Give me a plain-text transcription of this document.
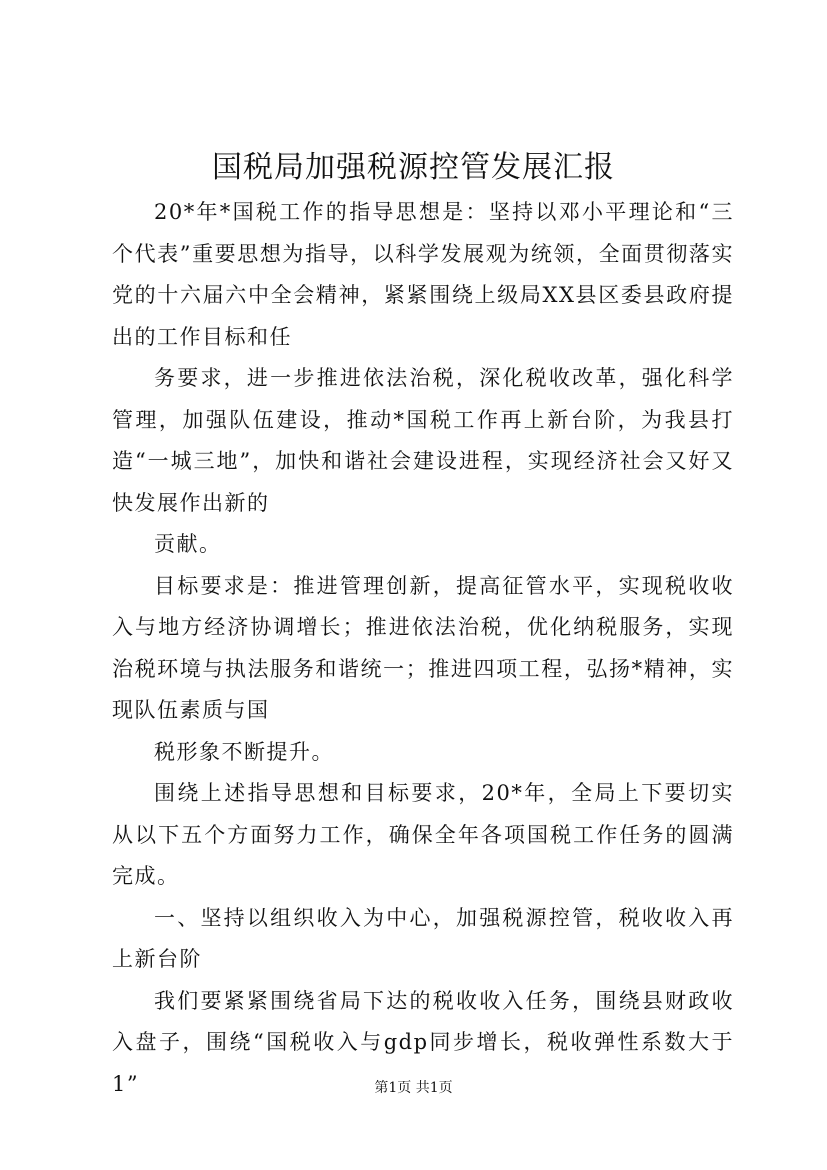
国税局加强税源控管发展汇报

20*年*国税工作的指导思想是：坚持以邓小平理论和“三个代表”重要思想为指导，以科学发展观为统领，全面贯彻落实党的十六届六中全会精神，紧紧围绕上级局XX县区委县政府提出的工作目标和任

务要求，进一步推进依法治税，深化税收改革，强化科学管理，加强队伍建设，推动*国税工作再上新台阶，为我县打造“一城三地”，加快和谐社会建设进程，实现经济社会又好又快发展作出新的

贡献。

目标要求是：推进管理创新，提高征管水平，实现税收收入与地方经济协调增长；推进依法治税，优化纳税服务，实现治税环境与执法服务和谐统一；推进四项工程，弘扬*精神，实现队伍素质与国

税形象不断提升。

围绕上述指导思想和目标要求，20*年，全局上下要切实从以下五个方面努力工作，确保全年各项国税工作任务的圆满完成。

一、坚持以组织收入为中心，加强税源控管，税收收入再上新台阶

我们要紧紧围绕省局下达的税收收入任务，围绕县财政收入盘子，围绕“国税收入与gdp同步增长，税收弹性系数大于1”	第1页 共1页
